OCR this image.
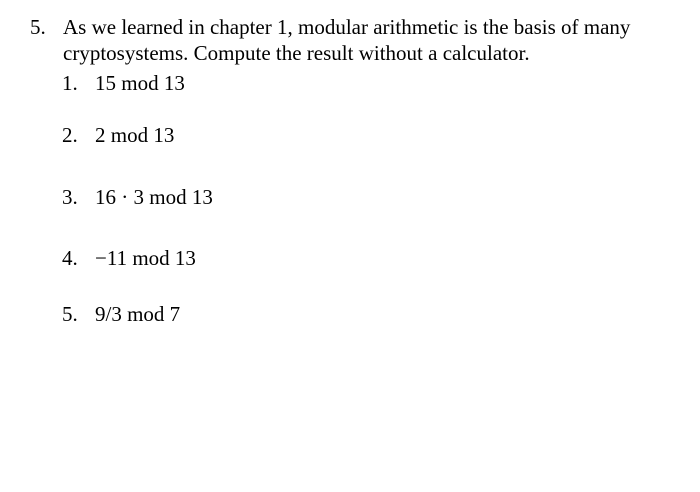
5. As we learned in chapter 1, modular arithmetic is the basis of many
cryptosystems. Compute the result without a calculator.
1. 15 mod 13
2. 2 mod 13
3. 16 · 3 mod 13
4. −11 mod 13
5. 9/3 mod 7
